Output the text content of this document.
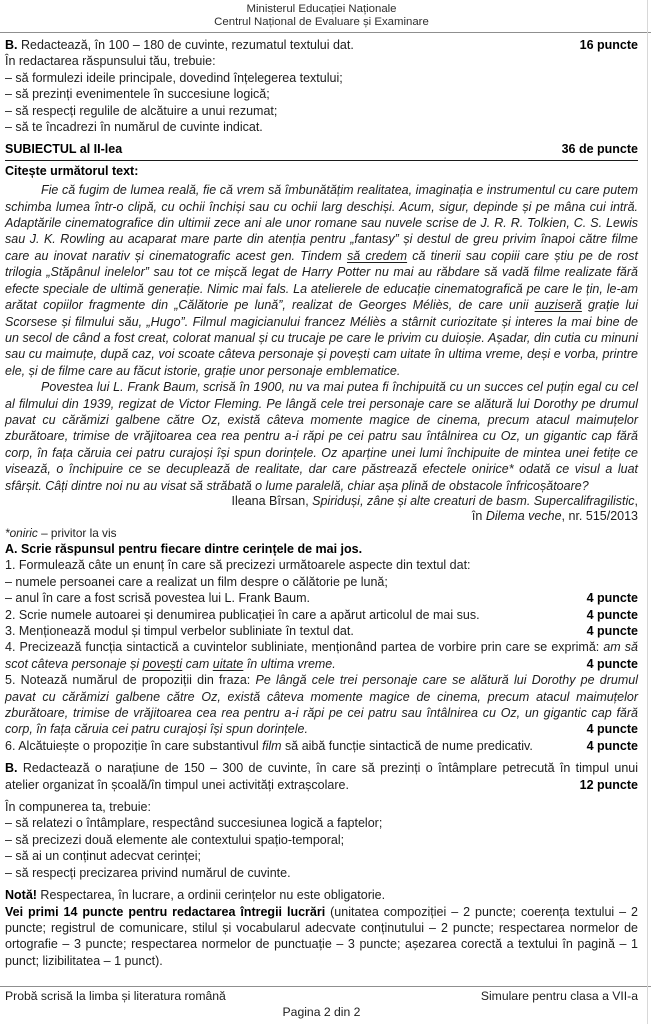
Ministerul Educației Naționale
Centrul Național de Evaluare și Examinare
B. Redactează, în 100 – 180 de cuvinte, rezumatul textului dat.	16 puncte
În redactarea răspunsului tău, trebuie:
– să formulezi ideile principale, dovedind înțelegerea textului;
– să prezinți evenimentele în succesiune logică;
– să respecți regulile de alcătuire a unui rezumat;
– să te încadrezi în numărul de cuvinte indicat.
SUBIECTUL al II-lea	36 de puncte
Citește următorul text:
Fie că fugim de lumea reală, fie că vrem să îmbunătățim realitatea, imaginația e instrumentul cu care putem schimba lumea într-o clipă, cu ochii închiși sau cu ochii larg deschiși. Acum, sigur, depinde și pe mâna cui intră. Adaptările cinematografice din ultimii zece ani ale unor romane sau nuvele scrise de J. R. R. Tolkien, C. S. Lewis sau J. K. Rowling au acaparat mare parte din atenția pentru „fantasy” și destul de greu privim înapoi către filme care au inovat narativ și cinematografic acest gen. Tindem să credem că tinerii sau copiii care știu pe de rost trilogia „Stăpânul inelelor” sau tot ce mișcă legat de Harry Potter nu mai au răbdare să vadă filme realizate fără efecte speciale de ultimă generație. Nimic mai fals. La atelierele de educație cinematografică pe care le țin, le-am arătat copiilor fragmente din „Călătorie pe lună”, realizat de Georges Méliès, de care unii auziseră grație lui Scorsese și filmului său, „Hugo”. Filmul magicianului francez Méliès a stârnit curiozitate și interes la mai bine de un secol de când a fost creat, colorat manual și cu trucaje pe care le privim cu duioșie. Așadar, din cutia cu minuni sau cu maimuțe, după caz, voi scoate câteva personaje și povești cam uitate în ultima vreme, deși e vorba, printre ele, și de filme care au făcut istorie, grație unor personaje emblematice.
Povestea lui L. Frank Baum, scrisă în 1900, nu va mai putea fi închipuită cu un succes cel puțin egal cu cel al filmului din 1939, regizat de Victor Fleming. Pe lângă cele trei personaje care se alătură lui Dorothy pe drumul pavat cu cărămizi galbene către Oz, există câteva momente magice de cinema, precum atacul maimuțelor zburătoare, trimise de vrăjitoarea cea rea pentru a-i răpi pe cei patru sau întâlnirea cu Oz, un gigantic cap fără corp, în fața căruia cei patru curajoși își spun dorințele. Oz aparține unei lumi închipuite de mintea unei fetițe ce visează, o închipuire ce se decuplează de realitate, dar care păstrează efectele onirice* odată ce visul a luat sfârșit. Câți dintre noi nu au visat să străbată o lume paralelă, chiar așa plină de obstacole înfricoșătoare?
Ileana Bîrsan, Spiriduși, zâne și alte creaturi de basm. Supercalifragilistic,
în Dilema veche, nr. 515/2013
*oniric – privitor la vis
A. Scrie răspunsul pentru fiecare dintre cerințele de mai jos.
1. Formulează câte un enunț în care să precizezi următoarele aspecte din textul dat:
– numele persoanei care a realizat un film despre o călătorie pe lună;
– anul în care a fost scrisă povestea lui L. Frank Baum.	4 puncte
2. Scrie numele autoarei și denumirea publicației în care a apărut articolul de mai sus.	4 puncte
3. Menționează modul și timpul verbelor subliniate în textul dat.	4 puncte
4. Precizează funcția sintactică a cuvintelor subliniate, menționând partea de vorbire prin care se exprimă: am să scot câteva personaje și povești cam uitate în ultima vreme.	4 puncte
5. Notează numărul de propoziții din fraza: Pe lângă cele trei personaje care se alătură lui Dorothy pe drumul pavat cu cărămizi galbene către Oz, există câteva momente magice de cinema, precum atacul maimuțelor zburătoare, trimise de vrăjitoarea cea rea pentru a-i răpi pe cei patru sau întâlnirea cu Oz, un gigantic cap fără corp, în fața căruia cei patru curajoși își spun dorințele.	4 puncte
6. Alcătuiește o propoziție în care substantivul film să aibă funcție sintactică de nume predicativ.	4 puncte
B. Redactează o narațiune de 150 – 300 de cuvinte, în care să prezinți o întâmplare petrecută în timpul unui atelier organizat în școală/în timpul unei activități extrașcolare.	12 puncte
În compunerea ta, trebuie:
– să relatezi o întâmplare, respectând succesiunea logică a faptelor;
– să precizezi două elemente ale contextului spațio-temporal;
– să ai un conținut adecvat cerinței;
– să respecți precizarea privind numărul de cuvinte.
Notă! Respectarea, în lucrare, a ordinii cerințelor nu este obligatorie.
Vei primi 14 puncte pentru redactarea întregii lucrări (unitatea compoziției – 2 puncte; coerența textului – 2 puncte; registrul de comunicare, stilul și vocabularul adecvate conținutului – 2 puncte; respectarea normelor de ortografie – 3 puncte; respectarea normelor de punctuație – 3 puncte; așezarea corectă a textului în pagină – 1 punct; lizibilitatea – 1 punct).
Probă scrisă la limba și literatura română	Simulare pentru clasa a VII-a
Pagina 2 din 2
